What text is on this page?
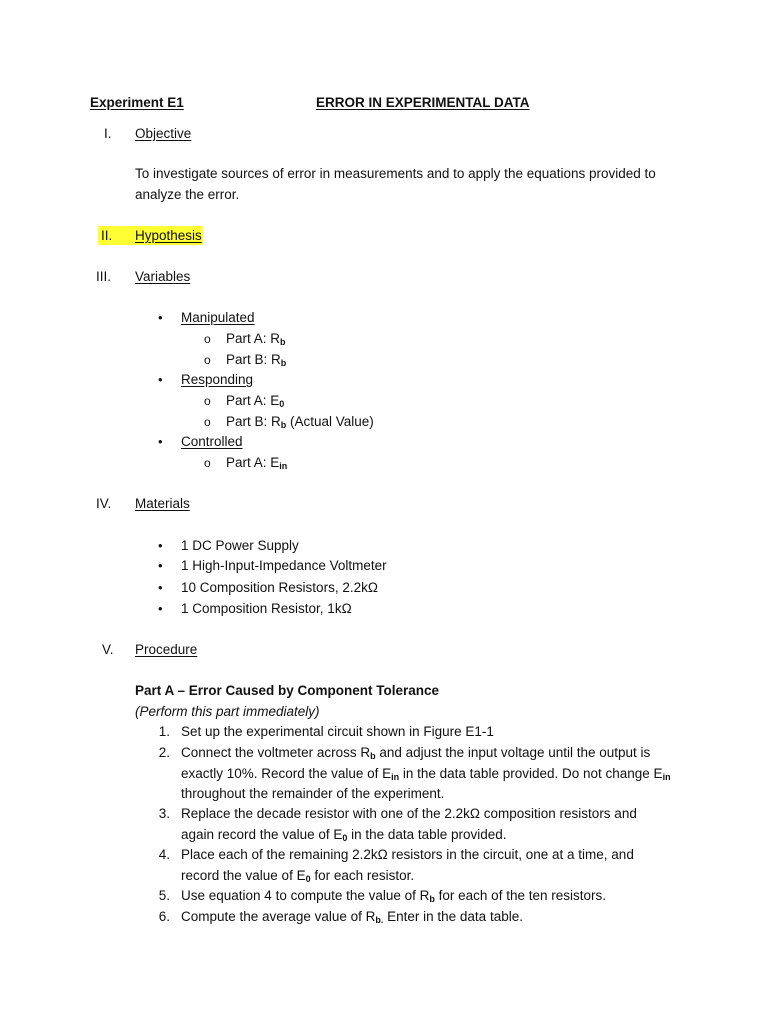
Experiment E1	ERROR IN EXPERIMENTAL DATA
I.	Objective
To investigate sources of error in measurements and to apply the equations provided to
analyze the error.
II. Hypothesis
III. Variables
• Manipulated
o Part A: $R_b$
o Part B: $R_b$
• Responding
o Part A: $E_0$
o Part B: $R_b$ (Actual Value)
• Controlled
o Part A: $E_{in}$
IV. Materials
• 1 DC Power Supply
• 1 High-Input-Impedance Voltmeter
• 10 Composition Resistors, 2.2kΩ
• 1 Composition Resistor, 1kΩ
V. Procedure
Part A – Error Caused by Component Tolerance
(Perform this part immediately)
1. Set up the experimental circuit shown in Figure E1-1
2. Connect the voltmeter across $R_b$ and adjust the input voltage until the output is
exactly 10%. Record the value of $E_{in}$ in the data table provided. Do not change $E_{in}$
throughout the remainder of the experiment.
3. Replace the decade resistor with one of the 2.2kΩ composition resistors and
again record the value of $E_0$ in the data table provided.
4. Place each of the remaining 2.2kΩ resistors in the circuit, one at a time, and
record the value of $E_0$ for each resistor.
5. Use equation 4 to compute the value of $R_b$ for each of the ten resistors.
6. Compute the average value of $R_{b.}$ Enter in the data table.
